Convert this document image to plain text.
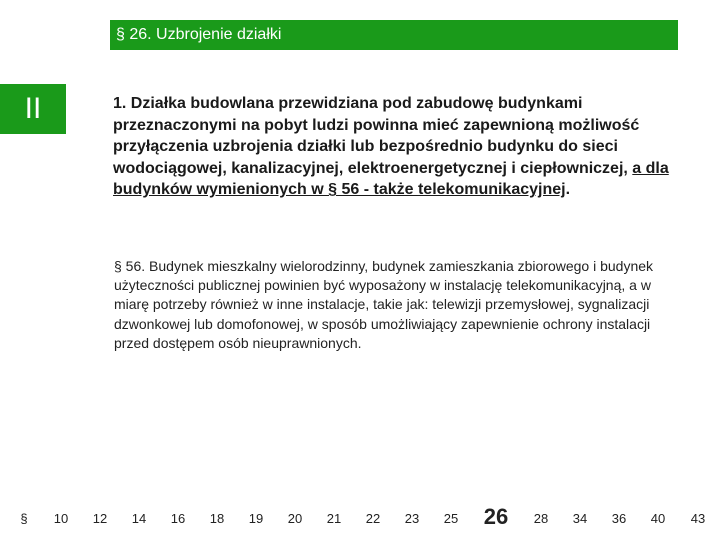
§ 26. Uzbrojenie działki
II	1. Działka budowlana przewidziana pod zabudowę budynkami przeznaczonymi na pobyt ludzi powinna mieć zapewnioną możliwość przyłączenia uzbrojenia działki lub bezpośrednio budynku do sieci wodociągowej, kanalizacyjnej, elektroenergetycznej i ciepłowniczej, a dla budynków wymienionych w § 56 - także telekomunikacyjnej.
§ 56. Budynek mieszkalny wielorodzinny, budynek zamieszkania zbiorowego i budynek użyteczności publicznej powinien być wyposażony w instalację telekomunikacyjną, a w miarę potrzeby również w inne instalacje, takie jak: telewizji przemysłowej, sygnalizacji dzwonkowej lub domofonowej, w sposób umożliwiający zapewnienie ochrony instalacji przed dostępem osób nieuprawnionych.
§ 10 12 14 16 18 19 20 21 22 23 25 26 28 34 36 40 43
